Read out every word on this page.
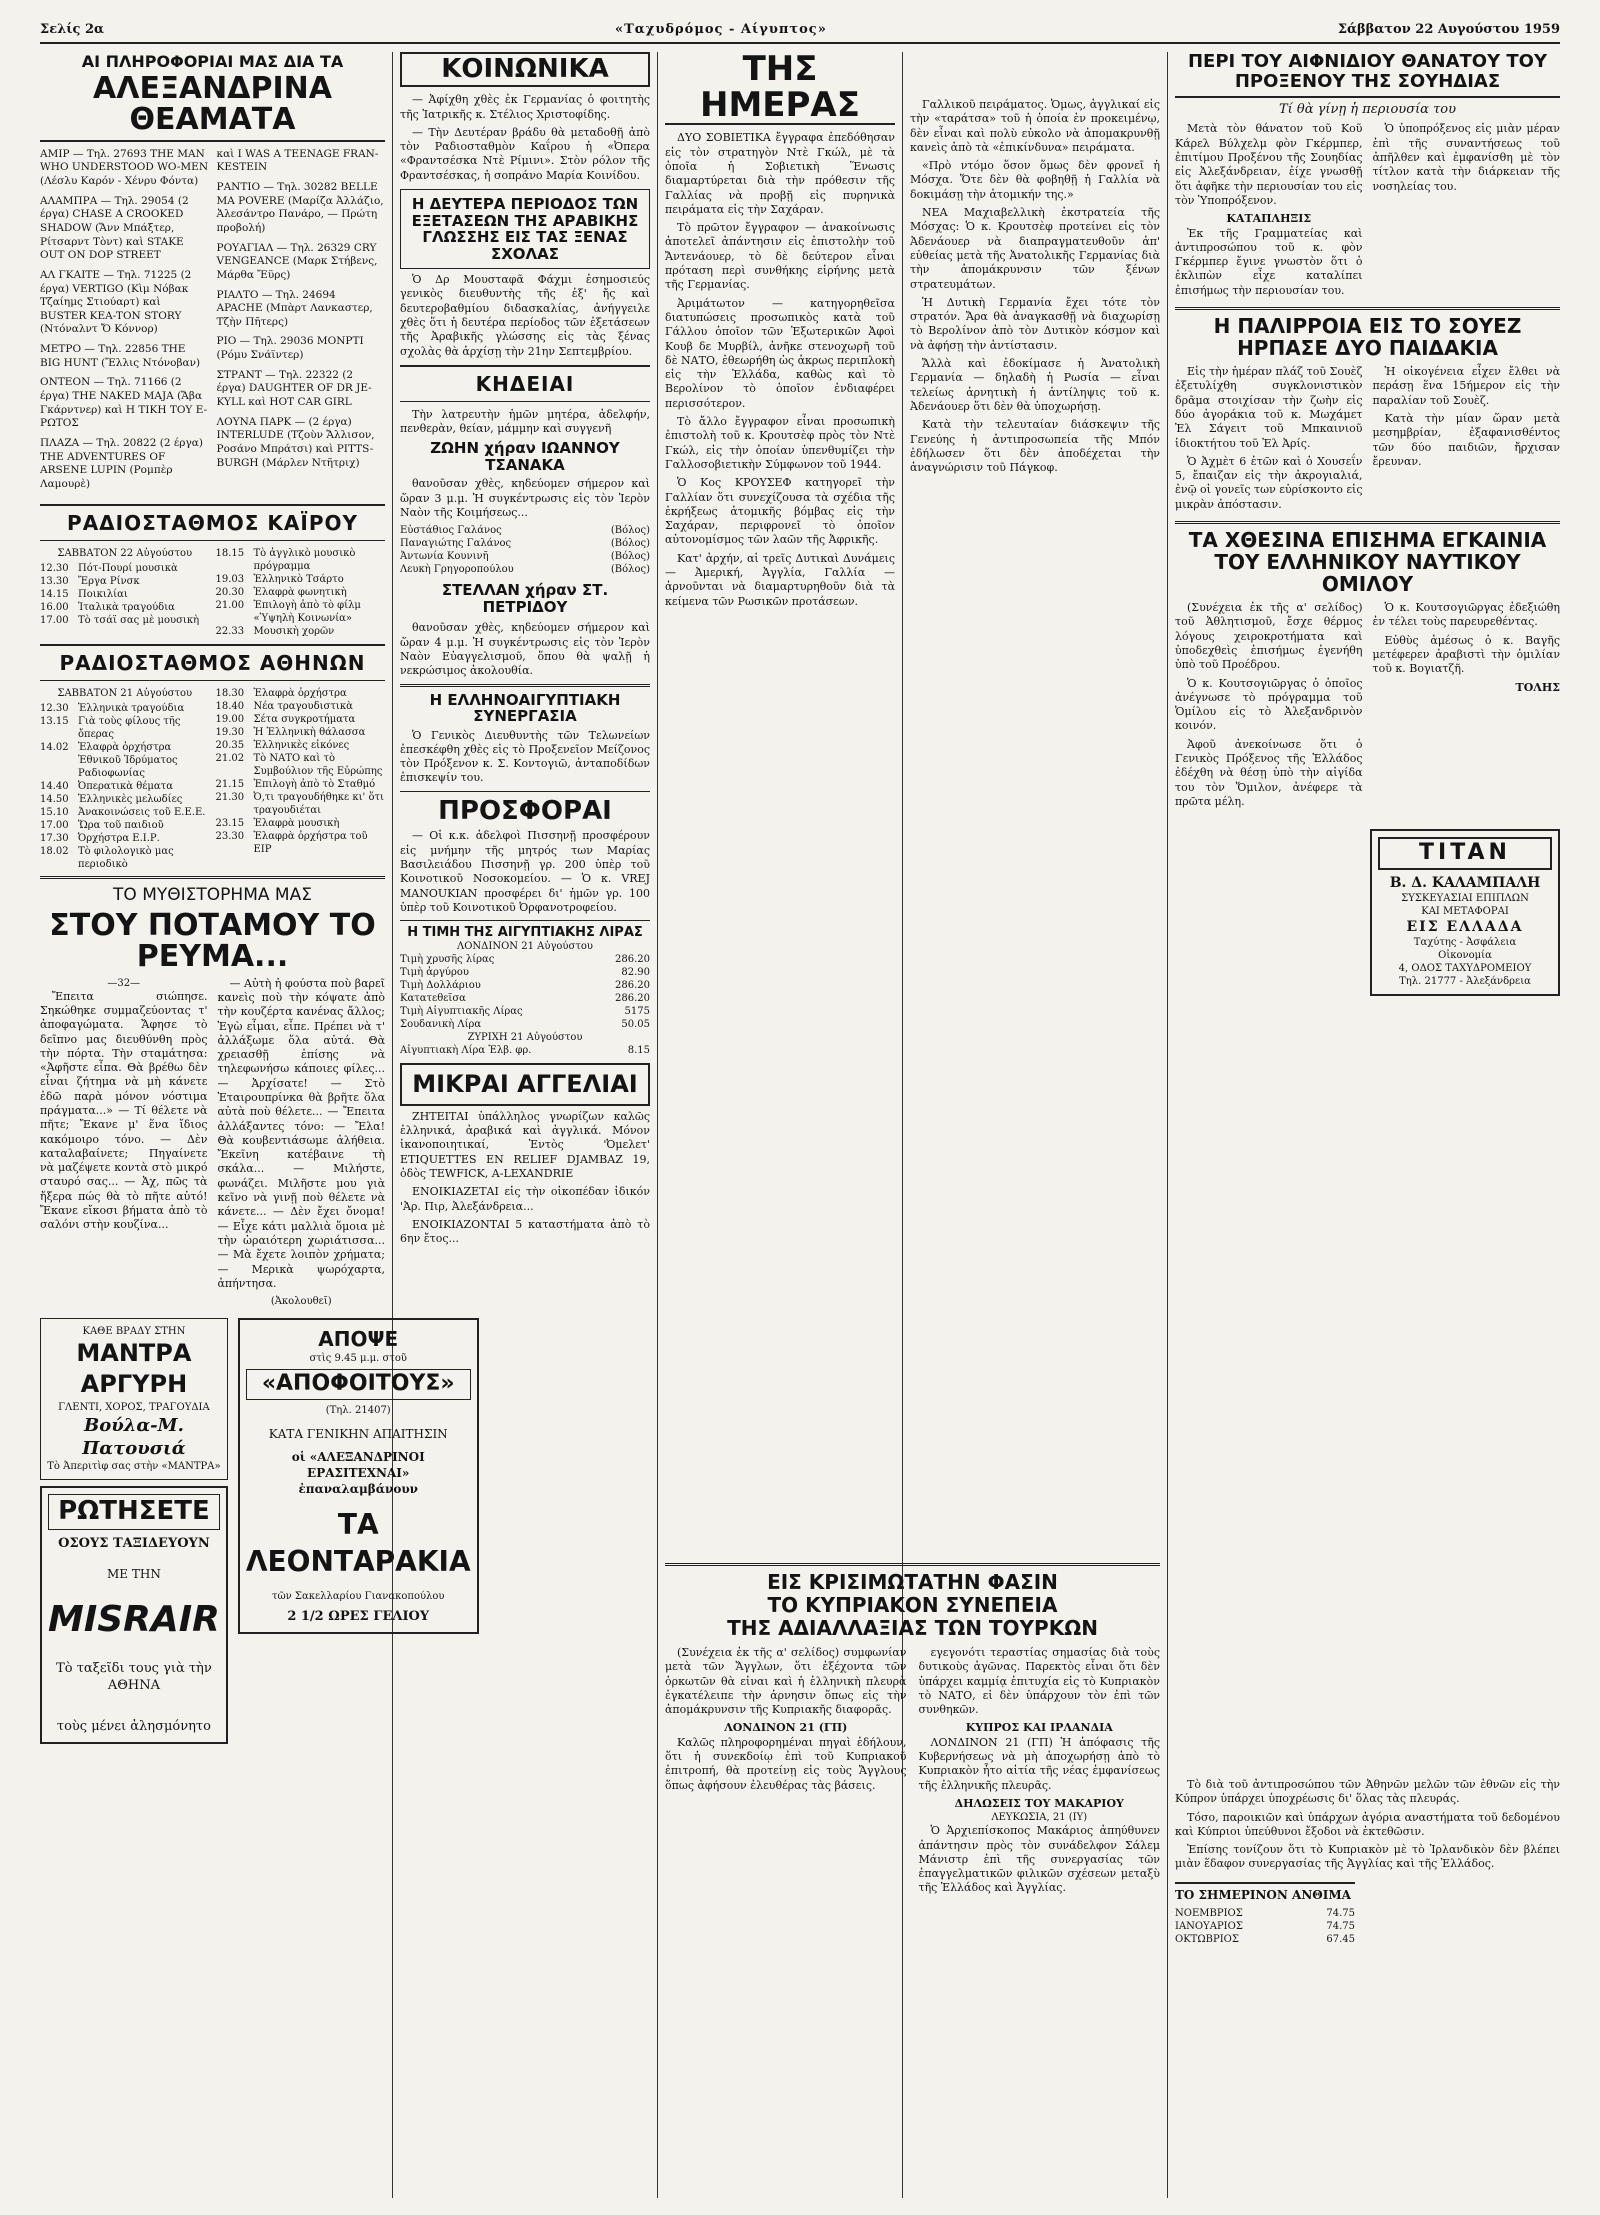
Σελίς 2α	«Ταχυδρόμος - Αίγυπτος»	Σάββατον 22 Αυγούστου 1959
ΑΙ ΠΛΗΡΟΦΟΡΙΑΙ ΜΑΣ ΔΙΑ ΤΑ
ΑΛΕΞΑΝΔΡΙΝΑ ΘΕΑΜΑΤΑ

ΑΜΙΡ — Τηλ. 27693 THE MAN WHO UNDERSTOOD WO-MEN (Λέσλυ Καρόν - Χένρυ Φόντα)

ΑΛΑΜΠΡΑ — Τηλ. 29054 (2 έργα) CHASE A CROOKED SHADOW (Ἄνν Μπάξτερ, Ρίτσαρντ Τὸντ) καὶ STAKE OUT ON DOP STREET

ΑΛ ΓΚΑΙΤΕ — Τηλ. 71225 (2 έργα) VERTIGO (Κὶμ Νόβακ Τζαίημς Στιούαρτ) καὶ BUSTER KEA-TON STORY (Ντόναλντ Ὄ Κόννορ)

ΜΕΤΡΟ — Τηλ. 22856 THE BIG HUNT (Ἔλλις Ντόνοβαν)

ΟΝΤΕΟΝ — Τηλ. 71166 (2 έργα) THE NAKED MAJA (Ἄβα Γκάρντνερ) καὶ H TIKH TOY E-PΩTOΣ

ΠΛΑΖΑ — Τηλ. 20822 (2 έργα) THE ADVENTURES OF ARSENE LUPIN (Ρομπὲρ Λαμουρὲ)

καὶ I WAS A TEENAGE FRAN-KESTEIN

ΡΑΝΤΙΟ — Τηλ. 30282 BELLE MA POVERE (Μαρίζα Ἀλλάζιο, Ἀλεσάντρο Πανάρο, — Πρώτη προβολή)

ΡΟΥΑΓΙΑΛ — Τηλ. 26329 CRY VENGEANCE (Μαρκ Στήβενς, Μάρθα Ἔϋρς)

ΡΙΑΛΤΟ — Τηλ. 24694 APACHE (Μπὰρτ Λανκαστερ, Τζὴν Πῆτερς)

ΡΙΟ — Τηλ. 29036 MONPTI (Ρόμυ Σνάϊντερ)

ΣΤΡΑΝΤ — Τηλ. 22322 (2 έργα) DAUGHTER OF DR JE-KYLL καὶ HOT CAR GIRL

ΛΟΥΝΑ ΠΑΡΚ — (2 έργα) INTERLUDE (Τζοὺν Ἄλλισον, Ροσάνο Μπράτσι) καὶ PITTS-BURGH (Μάρλεν Ντῆτριχ)

ΡΑΔΙΟΣΤΑΘΜΟΣ ΚΑΪΡΟΥ
ΣΑΒΒΑΤΟΝ 22 Αὐγούστου
12.30 Πότ-Πουρί μουσικὰ
13.30 Ἔργα Ρίνσκ
14.15 Ποικιλίαι
16.00 Ἰταλικὰ τραγούδια
17.00 Τὸ τσάϊ σας μὲ μουσικὴ
18.15 Τὸ ἀγγλικὸ μουσικὸ πρόγραμμα
19.03 Ἑλληνικὸ Τσάρτο
20.30 Ἑλαφρὰ φωνητικὴ
21.00 Ἑπιλογὴ ἀπὸ τὸ φίλμ «Ὑψηλὴ Κοινωνία»
22.33 Μουσικὴ χορῶν
ΡΑΔΙΟΣΤΑΘΜΟΣ ΑΘΗΝΩΝ
ΣΑΒΒΑΤΟΝ 21 Αὐγούστου
12.30 Ἑλληνικὰ τραγούδια
13.15 Γιὰ τοὺς φίλους τῆς ὄπερας
14.02 Ἑλαφρὰ ὀρχήστρα Ἐθνικοῦ Ἱδρύματος Ραδιοφωνίας
14.40 Ὀπερατικὰ θέματα
14.50 Ἑλληνικὲς μελωδίες
15.10 Ἀνακοινώσεις τοῦ Ε.Ε.Ε.
17.00 Ὥρα τοῦ παιδιοῦ
17.30 Ὀρχήστρα Ε.Ι.Ρ.
18.02 Τὸ φιλολογικὸ μας περιοδικὸ
18.30 Ἑλαφρὰ ὀρχήστρα
18.40 Νέα τραγουδιστικὰ
19.00 Σέτα συγκροτήματα
19.30 Ἡ Ἑλληνικὴ θάλασσα
20.35 Ἑλληνικὲς εἰκόνες
21.02 Τὸ ΝΑΤΟ καὶ τὸ Συμβούλιον τῆς Εὐρώπης
21.15 Ἐπιλογὴ ἀπὸ τὸ Σταθμό
21.30 Ὀ,τι τραγουδήθηκε κι' ὅτι τραγουδιέται
23.15 Ἑλαφρὰ μουσικὴ
23.30 Ἑλαφρὰ ὀρχήστρα τοῦ ΕΙΡ
ΤΟ ΜΥΘΙΣΤΟΡΗΜΑ ΜΑΣ
ΣΤΟΥ ΠΟΤΑΜΟΥ ΤΟ ΡΕΥΜΑ...
—32—

Ἔπειτα σιώπησε. Σηκώθηκε συμμαζεύοντας τ' ἀποφαγώματα. Ἄφησε τὸ δεῖπνο μας διευθύνθη πρὸς τὴν πόρτα. Τὴν σταμάτησα: «Ἀφῆστε εἶπα. Θὰ βρέθω δὲν εἶναι ζήτημα νὰ μὴ κάνετε ἐδῶ παρὰ μόνον νόστιμα πράγματα...» — Τί θέλετε νὰ πῆτε; Ἔκανε μ' ἕνα ἴδιος κακόμοιρο τόνο. — Δὲν καταλαβαίνετε; Πηγαίνετε νὰ μαζέψετε κοντὰ στὸ μικρό σταυρό σας... — Ἀχ, πῶς τὰ ἤξερα πώς θὰ τὸ πῆτε αὐτό! Ἔκανε εἴκοσι βήματα ἀπὸ τὸ σαλόνι στὴν κουζίνα...

— Αὐτὴ ἡ φούστα ποὺ βαρεῖ κανεὶς ποὺ τὴν κόψατε ἀπὸ τὴν κουζέρτα κανένας ἄλλος; Ἐγὼ εἶμαι, εἶπε. Πρέπει νὰ τ' ἀλλάξωμε ὅλα αὐτά. Θὰ χρειασθῇ ἐπίσης νὰ τηλεφωνήσω κάποιες φίλες... — Ἀρχίσατε! — Στὸ Ἐταιρουπρίνκα θὰ βρῆτε ὅλα αὐτὰ ποὺ θέλετε... — Ἔπειτα ἀλλάξαντες τόνο: — Ἔλα! Θὰ κουβεντιάσωμε ἀλήθεια. Ἔκεῖνη κατέβαινε τὴ σκάλα... — Μιλήστε, φωνάζει. Μιλῆστε μου γιὰ κεῖνο νὰ γινῇ ποὺ θέλετε νὰ κάνετε... — Δὲν ἔχει ὄνομα! — Εἶχε κάτι μαλλιὰ ὅμοια μὲ τὴν ὠραιότερη χωριάτισσα... — Μὰ ἔχετε λοιπὸν χρήματα; — Μερικὰ ψωρόχαρτα, ἀπήντησα.

(Ἀκολουθεῖ)
ΚΑΘΕ ΒΡΑΔΥ ΣΤΗΝ
ΜΑΝΤΡΑ ΑΡΓΥΡΗ
ΓΛΕΝΤΙ, ΧΟΡΟΣ, ΤΡΑΓΟΥΔΙΑ
Βούλα-Μ. Πατουσιά
Τὸ Ἀπεριτὶφ σας στὴν «ΜΑΝΤΡΑ»
ΡΩΤΗΣΕΤΕ
ΟΣΟΥΣ ΤΑΞΙΔΕΥΟΥΝ
ΜΕ ΤΗΝ
MISRAIR
Τὸ ταξεῖδι τους γιὰ τὴν ΑΘΗΝΑ
τοὺς μένει ἀλησμόνητο
ΑΠΟΨΕ
στὶς 9.45 μ.μ. στοῦ
«ΑΠΟΦΟΙΤΟΥΣ»
(Τηλ. 21407)
ΚΑΤΑ ΓΕΝΙΚΗΝ ΑΠΑΙΤΗΣΙΝ
οἱ «ΑΛΕΞΑΝΔΡΙΝΟΙ ΕΡΑΣΙΤΕΧΝΑΙ» ἐπαναλαμβάνουν
ΤΑ
ΛΕΟΝΤΑΡΑΚΙΑ
τῶν Σακελλαρίου Γιανακοπούλου
2 1/2 ΩΡΕΣ ΓΕΛΙΟΥ
ΚΟΙΝΩΝΙΚΑ

— Ἀφίχθη χθὲς ἐκ Γερμανίας ὁ φοιτητὴς τῆς Ἰατρικῆς κ. Στέλιος Χριστοφίδης.

— Τὴν Δευτέραν βράδυ θὰ μεταδοθῇ ἀπὸ τὸν Ραδιοσταθμὸν Καΐρου ἡ «Ὀπερα «Φραντσέσκα Ντὲ Ρίμινι». Στὸν ρόλον τῆς Φραντσέσκας, ἡ σοπράνο Μαρία Κοινίδου.

Η ΔΕΥΤΕΡΑ ΠΕΡΙΟΔΟΣ ΤΩΝ ΕΞΕΤΑΣΕΩΝ ΤΗΣ ΑΡΑΒΙΚΗΣ ΓΛΩΣΣΗΣ ΕΙΣ ΤΑΣ ΞΕΝΑΣ ΣΧΟΛΑΣ

Ὁ Δρ Μουσταφᾶ Φάχμι ἐσημοσιεύς γενικὸς διευθυντὴς τῆς ἐξ' ἤς καὶ δευτεροβαθμίου διδασκαλίας, ἀνήγγειλε χθὲς ὅτι ἡ δευτέρα περίοδος τῶν ἐξετάσεων τῆς Ἀραβικῆς γλώσσης εἰς τὰς ξένας σχολὰς θὰ ἀρχίσῃ τὴν 21ην Σεπτεμβρίου.

ΚΗΔΕΙΑΙ

Τὴν λατρευτὴν ἡμῶν μητέρα, ἀδελφήν, πενθερὰν, θείαν, μάμμην καὶ συγγενῆ

ΖΩΗΝ χήραν ΙΩΑΝΝΟΥ ΤΣΑΝΑΚΑ

θανοῦσαν χθὲς, κηδεύομεν σήμερον καὶ ὥραν 3 μ.μ. Ἡ συγκέντρωσις εἰς τὸν Ἱερὸν Ναὸν τῆς Κοιμήσεως...

Εὐστάθιος Γαλάνος	(Βόλος)
Παναγιώτης Γαλάνος	(Βόλος)
Ἀντωνία Κουνινῆ	(Βόλος)
Λευκὴ Γρηγοροπούλου	(Βόλος)
ΣΤΕΛΛΑΝ χήραν ΣΤ. ΠΕΤΡΙΔΟΥ

θανοῦσαν χθὲς, κηδεύομεν σήμερον καὶ ὥραν 4 μ.μ. Ἡ συγκέντρωσις εἰς τὸν Ἱερὸν Ναὸν Εὐαγγελισμοῦ, ὅπου θὰ ψαλῇ ἡ νεκρώσιμος ἀκολουθία.

Η ΕΛΛΗΝΟΑΙΓΥΠΤΙΑΚΗ ΣΥΝΕΡΓΑΣΙΑ

Ὁ Γενικὸς Διευθυντὴς τῶν Τελωνείων ἐπεσκέφθη χθὲς εἰς τὸ Προξενεῖον Μείζονος τὸν Πρόξενον κ. Σ. Κοντογιῶ, ἀνταποδίδων ἐπισκεψίν του.

ΠΡΟΣΦΟΡΑΙ

— Οἱ κ.κ. ἀδελφοὶ Πισσηνῇ προσφέρουν εἰς μνήμην τῆς μητρός των Μαρίας Βασιλειάδου Πισσηνῇ γρ. 200 ὑπὲρ τοῦ Κοινοτικοῦ Νοσοκομείου. — Ὁ κ. VREJ MANOUKIAN προσφέρει δι' ἡμῶν γρ. 100 ὑπὲρ τοῦ Κοινοτικοῦ Ὀρφανοτροφείου.

Η ΤΙΜΗ ΤΗΣ ΑΙΓΥΠΤΙΑΚΗΣ ΛΙΡΑΣ
ΛΟΝΔΙΝΟΝ 21 Αὐγούστου
Τιμὴ χρυσῆς λίρας	286.20
Τιμὴ ἀργύρου	82.90
Τιμὴ Δολλάριου	286.20
Κατατεθεῖσα	286.20
Τιμὴ Αἰγυπτιακῆς Λίρας	5175
Σουδανικὴ Λίρα	50.05
ΖΥΡΙΧΗ 21 Αὐγούστου
Αἰγυπτιακὴ Λίρα Ἐλβ. φρ.	8.15
ΜΙΚΡΑΙ ΑΓΓΕΛΙΑΙ

ΖΗΤΕΙΤΑΙ ὑπάλληλος γνωρίζων καλῶς ἑλληνικά, ἀραβικά καὶ ἀγγλικά. Μόνον ἱκανοποιητικαί, Ἐντὸς 'Ὀμελετ' ETIQUETTES EN RELIEF DJAMBAZ 19, ὁδὸς TEWFICK, A-LEXANDRIE

ΕΝΟΙΚΙΑΖΕΤΑΙ εἰς τὴν οἰκοπέδαν ἰδικόν 'Ἀρ. Πιρ, Ἀλεξάνδρεια...

ΕΝΟΙΚΙΑΖΟΝΤΑΙ 5 καταστήματα ἀπὸ τὸ 6ην ἔτος...

ΤΗΣ ΗΜΕΡΑΣ

ΔΥΟ ΣΟΒΙΕΤΙΚΑ ἔγγραφα ἐπεδόθησαν εἰς τὸν στρατηγὸν Ντὲ Γκώλ, μὲ τὰ ὁποῖα ἡ Σοβιετικὴ Ἕνωσις διαμαρτύρεται διὰ τὴν πρόθεσιν τῆς Γαλλίας νὰ προβῇ εἰς πυρηνικὰ πειράματα εἰς τὴν Σαχάραν.

Τὸ πρῶτον ἔγγραφον — ἀνακοίνωσις ἀποτελεῖ ἀπάντησιν εἰς ἐπιστολὴν τοῦ Ἄντενάουερ, τὸ δὲ δεύτερον εἶναι πρόταση περὶ συνθήκης εἰρήνης μετὰ τῆς Γερμανίας.

Ἀριμάτωτον — κατηγορηθεῖσα διατυπώσεις προσωπικὸς κατὰ τοῦ Γάλλου ὁποῖον τῶν Ἐξωτερικῶν Ἀφοὶ Κουβ δε Μυρβίλ, ἀνῆκε στενοχωρῆ τοῦ δὲ ΝΑΤΟ, ἐθεωρήθη ὡς ἀκρως περιπλοκὴ εἰς τὴν Ἑλλάδα, καθὼς καὶ τὸ Βερολίνον τὸ ὁποῖον ἐνδιαφέρει περισσότερον.

Τὸ ἄλλο ἔγγραφον εἶναι προσωπικὴ ἐπιστολὴ τοῦ κ. Κρουτσὲφ πρὸς τὸν Ντὲ Γκώλ, εἰς τὴν ὁποίαν ὑπενθυμίζει τὴν Γαλλοσοβιετικὴν Σύμφωνον τοῦ 1944.

Ὁ Κος ΚΡΟΥΣΕΦ κατηγορεῖ τὴν Γαλλίαν ὅτι συνεχίζουσα τὰ σχέδια τῆς ἐκρήξεως ἀτομικῆς βόμβας εἰς τὴν Σαχάραν, περιφρονεῖ τὸ ὁποῖον αὐτονομίσμος τῶν λαῶν τῆς Ἀφρικῆς.

Κατ' ἀρχήν, αἱ τρεῖς Δυτικαὶ Δυνάμεις — Ἀμερική, Ἀγγλία, Γαλλία — ἀρνοῦνται νὰ διαμαρτυρηθοῦν διὰ τὰ κείμενα τῶν Ρωσικῶν προτάσεων.

Γαλλικοῦ πειράματος. Ὁμως, ἀγγλικαί εἰς τὴν «ταράτσα» τοῦ ἡ ὁποία ἐν προκειμένῳ, δὲν εἶναι καὶ πολὺ εὐκολο νὰ ἀπομακρυνθῇ κανεὶς ἀπὸ τὰ «ἐπικίνδυνα» πειράματα.

«Πρὸ ντόμο ὅσον ὅμως δὲν φρονεῖ ἡ Μόσχα. Ὅτε δὲν θὰ φοβηθῇ ἡ Γαλλία νὰ δοκιμάσῃ τὴν ἀτομικήν της.»

ΝΕΑ Μαχιαβελλικὴ ἐκστρατεία τῆς Μόσχας: Ὁ κ. Κρουτσὲφ προτείνει εἰς τὸν Ἀδενάουερ νὰ διαπραγματευθοῦν ἀπ' εὐθείας μετὰ τῆς Ἀνατολικῆς Γερμανίας διὰ τὴν ἀπομάκρυνσιν τῶν ξένων στρατευμάτων.

Ἡ Δυτικὴ Γερμανία ἔχει τότε τὸν στρατόν. Ἄρα θὰ ἀναγκασθῇ νὰ διαχωρίσῃ τὸ Βερολίνον ἀπὸ τὸν Δυτικὸν κόσμον καὶ νὰ ἀφήσῃ τὴν ἀντίστασιν.

Ἄλλὰ καὶ ἐδοκίμασε ἡ Ἀνατολικὴ Γερμανία — δηλαδὴ ἡ Ρωσία — εἶναι τελείως ἀρνητικὴ ἡ ἀντίληψις τοῦ κ. Ἀδενάουερ ὅτι δὲν θὰ ὑποχωρήσῃ.

Κατὰ τὴν τελευταίαν διάσκεψιν τῆς Γενεύης ἡ ἀντιπροσωπεία τῆς Μπόν ἐδήλωσεν ὅτι δὲν ἀποδέχεται τὴν ἀναγνώρισιν τοῦ Πάγκοφ.

ΠΕΡΙ ΤΟΥ ΑΙΦΝΙΔΙΟΥ ΘΑΝΑΤΟΥ ΤΟΥ ΠΡΟΞΕΝΟΥ ΤΗΣ ΣΟΥΗΔΙΑΣ
Τί θὰ γίνῃ ἡ περιουσία του

Μετὰ τὸν θάνατον τοῦ Κοῦ Κάρελ Βύλχελμ φὸν Γκέρμπερ, ἐπιτίμου Προξένου τῆς Σουηδίας εἰς Ἀλεξάνδρειαν, ἐίχε γνωσθῇ ὅτι ἀφῆκε τὴν περιουσίαν του εἰς τὸν Ὑποπρόξενον.

ΚΑΤΑΠΛΗΞΙΣ

Ἐκ τῆς Γραμματείας καὶ ἀντιπροσώπου τοῦ κ. φὸν Γκέρμπερ ἔγινε γνωστὸν ὅτι ὁ ἐκλιπὼν εἶχε καταλίπει ἐπισήμως τὴν περιουσίαν του.

Ὁ ὑποπρόξενος εἰς μιὰν μέραν ἐπὶ τῆς συναντήσεως τοῦ ἀπῆλθεν καὶ ἐμφανίσθη μὲ τὸν τίτλον κατὰ τὴν διάρκειαν τῆς νοσηλείας του.

Η ΠΑΛΙΡΡΟΙΑ ΕΙΣ ΤΟ ΣΟΥΕΖ ΗΡΠΑΣΕ ΔΥΟ ΠΑΙΔΑΚΙΑ

Εἰς τὴν ἡμέραν πλάζ τοῦ Σουὲζ ἐξετυλίχθη συγκλονιστικὸν δρᾶμα στοιχίσαν τὴν ζωὴν εἰς δύο ἀγοράκια τοῦ κ. Μωχάμετ Ἐλ Σάγειτ τοῦ Μπκαινιοῦ ἰδιοκτήτου τοῦ Ἐλ Ἀρίς.

Ὁ Ἀχμὲτ 6 ἐτῶν καὶ ὁ Χουσεΐν 5, ἔπαιζαν εἰς τὴν ἀκρογιαλιά, ἐνῷ οἱ γονεῖς των εὑρίσκοντο εἰς μικρὰν ἀπόστασιν.

Ἡ οἰκογένεια εἶχεν ἔλθει νὰ περάσῃ ἕνα 15ήμερον εἰς τὴν παραλίαν τοῦ Σουὲζ.

Κατὰ τὴν μίαν ὥραν μετὰ μεσημβρίαν, ἐξαφανισθέντος τῶν δύο παιδιῶν, ἤρχισαν ἔρευναν.

ΤΑ ΧΘΕΣΙΝΑ ΕΠΙΣΗΜΑ ΕΓΚΑΙΝΙΑ ΤΟΥ ΕΛΛΗΝΙΚΟΥ ΝΑΥΤΙΚΟΥ ΟΜΙΛΟΥ

(Συνέχεια ἐκ τῆς α' σελίδος) τοῦ Ἀθλητισμοῦ, ἔσχε θέρμος λόγους χειροκροτήματα καὶ ὑποδεχθεὶς ἐπισήμως ἐγενήθη ὑπὸ τοῦ Προέδρου.

Ὁ κ. Κουτσογιῶργας ὁ ὁποῖος ἀνέγνωσε τὸ πρόγραμμα τοῦ Ὁμίλου εἰς τὸ Ἀλεξανδρινὸν κοινόν.

Ἀφοῦ ἀνεκοίνωσε ὅτι ὁ Γενικὸς Πρόξενος τῆς Ἑλλάδος ἐδέχθη νὰ θέσῃ ὑπὸ τὴν αἰγίδα του τὸν Ὅμιλον, ἀνέφερε τὰ πρῶτα μέλη.

Ὁ κ. Κουτσογιῶργας ἐδεξιώθη ἐν τέλει τοὺς παρευρεθέντας.

Εὐθὺς ἀμέσως ὁ κ. Βαγῆς μετέφερεν ἀραβιστὶ τὴν ὁμιλίαν τοῦ κ. Βογιατζῆ.

ΤΟΛΗΣ
TITAN
Β. Δ. ΚΑΛΑΜΠΑΛΗ
ΣΥΣΚΕΥΑΣΙΑΙ ΕΠΙΠΛΩΝ
ΚΑΙ ΜΕΤΑΦΟΡΑΙ
ΕΙΣ ΕΛΛΑΔΑ
Ταχύτης - Ἀσφάλεια
Οἰκονομία
4, ΟΔΟΣ ΤΑΧΥΔΡΟΜΕΙΟΥ
Τηλ. 21777 - Ἀλεξάνδρεια
ΕΙΣ ΚΡΙΣΙΜΩΤΑΤΗΝ ΦΑΣΙΝ
ΤΟ ΚΥΠΡΙΑΚΟΝ ΣΥΝΕΠΕΙΑ
ΤΗΣ ΑΔΙΑΛΛΑΞΙΑΣ ΤΩΝ ΤΟΥΡΚΩΝ

(Συνέχεια ἐκ τῆς α' σελίδος) συμφωνίαν μετὰ τῶν Ἄγγλων, ὅτι ἐξέχοντα τῶν ὁρκωτῶν θὰ εἰναι καὶ ἡ ἑλληνικὴ πλευρὰ ἐγκατέλειπε τὴν ἀρνησιν ὅπως εἰς τὴν ἀπομάκρυνσιν τῆς Κυπριακῆς διαφορᾶς.

ΛΟΝΔΙΝΟΝ 21 (ΓΠ)

Καλῶς πληροφορημέναι πηγαὶ ἐδήλουν, ὅτι ἡ συνεκδοίῳ ἐπὶ τοῦ Κυπριακοῦ ἐπιτροπή, θὰ προτείνῃ εἰς τοὺς Ἄγγλους ὅπως ἀφήσουν ἐλευθέρας τὰς βάσεις.

εγεγονότι τεραστίας σημασίας διὰ τοὺς δυτικοὺς ἀγῶνας. Παρεκτὸς εἶναι ὅτι δὲν ὑπάρχει καμμίᾳ ἐπιτυχία εἰς τὸ Κυπριακὸν τὸ ΝΑΤΟ, εἰ δὲν ὑπάρχουν τὸν ἐπὶ τῶν συνθηκῶν.

ΚΥΠΡΟΣ ΚΑΙ ΙΡΛΑΝΔΙΑ

ΛΟΝΔΙΝΟΝ 21 (ΓΠ) Ἡ ἀπόφασις τῆς Κυβερνήσεως νὰ μὴ ἀποχωρήσῃ ἀπὸ τὸ Κυπριακὸν ἦτο αἰτία τῆς νέας ἐμφανίσεως τῆς ἐλληνικῆς πλευρᾶς.

ΔΗΛΩΣΕΙΣ ΤΟΥ ΜΑΚΑΡΙΟΥ
ΛΕΥΚΩΣΙΑ, 21 (ΙΥ)

Ὁ Ἀρχιεπίσκοπος Μακάριος ἀπηύθυνεν ἀπάντησιν πρὸς τὸν συνάδελφον Σάλεμ Μάνιστρ ἐπὶ τῆς συνεργασίας τῶν ἐπαγγελματικῶν φιλικῶν σχέσεων μεταξὺ τῆς Ἑλλάδος καὶ Ἀγγλίας.

Τὸ διὰ τοῦ ἀντιπροσώπου τῶν Ἀθηνῶν μελῶν τῶν ἐθνῶν εἰς τὴν Κύπρον ὑπάρχει ὑποχρέωσις δι' ὅλας τὰς πλευράς.

Τόσο, παροικιῶν καὶ ὑπάρχων ἀγόρια αναστήματα τοῦ δεδομένου καὶ Κύπριοι ὑπεύθυνοι ἔξοδοι νὰ ἐκτεθῶσιν.

Ἐπίσης τονίζουν ὅτι τὸ Κυπριακὸν μὲ τὸ Ἰρλανδικὸν δὲν βλέπει μιὰν ἕδαφον συνεργασίας τῆς Ἀγγλίας καὶ τῆς Ἐλλάδος.

ΤΟ ΣΗΜΕΡΙΝΟΝ ΑΝΘΙΜΑ
ΝΟΕΜΒΡΙΟΣ	74.75
ΙΑΝΟΥΑΡΙΟΣ	74.75
ΟΚΤΩΒΡΙΟΣ	67.45
